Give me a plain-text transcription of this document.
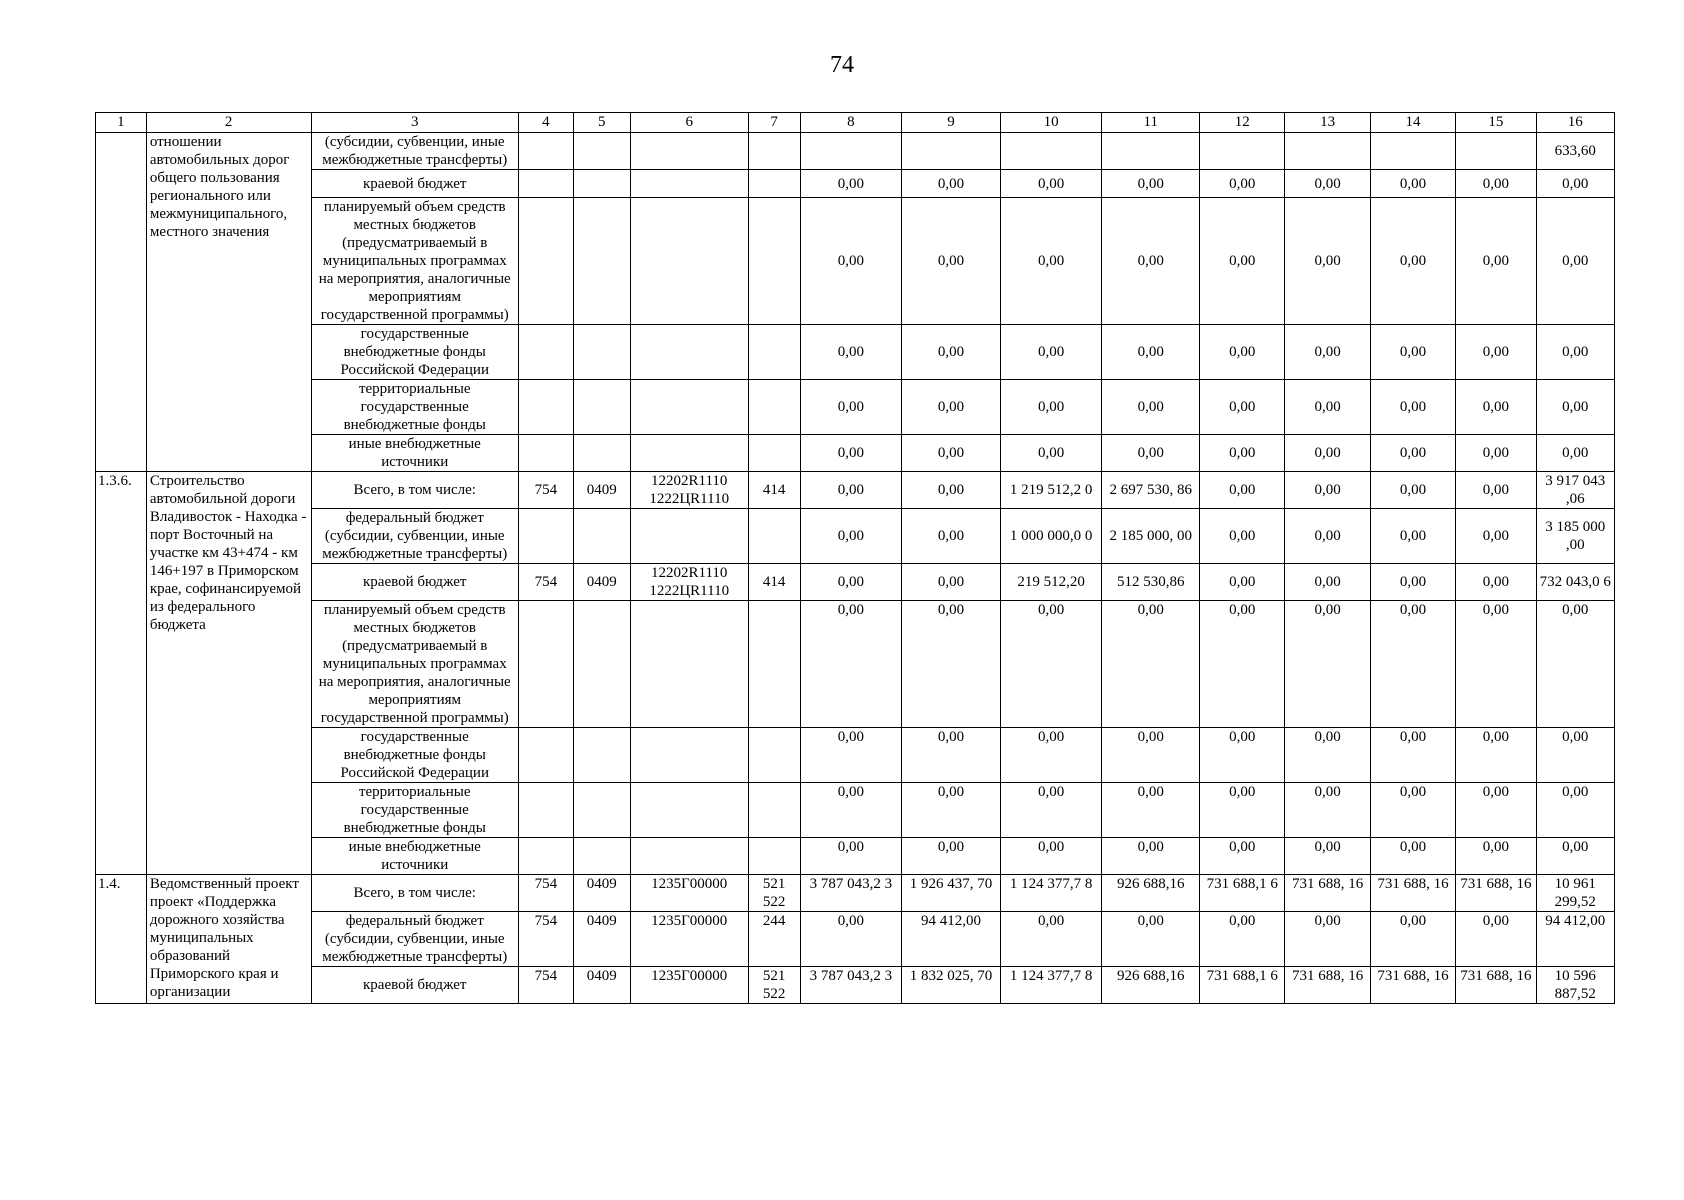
74
1	2	3	4	5	6	7	8	9	10	11	12	13	14	15	16
	отношении автомобильных дорог общего пользования регионального или межмуниципального, местного значения	(субсидии, субвенции, иные межбюджетные трансферты)													633,60
		краевой бюджет					0,00	0,00	0,00	0,00	0,00	0,00	0,00	0,00	0,00
		планируемый объем средств местных бюджетов (предусматриваемый в муниципальных программах на мероприятия, аналогичные мероприятиям государственной программы)					0,00	0,00	0,00	0,00	0,00	0,00	0,00	0,00	0,00
		государственные внебюджетные фонды Российской Федерации					0,00	0,00	0,00	0,00	0,00	0,00	0,00	0,00	0,00
		территориальные государственные внебюджетные фонды					0,00	0,00	0,00	0,00	0,00	0,00	0,00	0,00	0,00
		иные внебюджетные источники					0,00	0,00	0,00	0,00	0,00	0,00	0,00	0,00	0,00
1.3.6.	Строительство автомобильной дороги Владивосток - Находка - порт Восточный на участке км 43+474 - км 146+197 в Приморском крае, софинансируемой из федерального бюджета	Всего, в том числе:	754	0409	12202R1110 1222ЦR1110	414	0,00	0,00	1 219 512,2 0	2 697 530, 86	0,00	0,00	0,00	0,00	3 917 043 ,06
		федеральный бюджет (субсидии, субвенции, иные межбюджетные трансферты)					0,00	0,00	1 000 000,0 0	2 185 000, 00	0,00	0,00	0,00	0,00	3 185 000 ,00
		краевой бюджет	754	0409	12202R1110 1222ЦR1110	414	0,00	0,00	219 512,20	512 530,86	0,00	0,00	0,00	0,00	732 043,0 6
		планируемый объем средств местных бюджетов (предусматриваемый в муниципальных программах на мероприятия, аналогичные мероприятиям государственной программы)					0,00	0,00	0,00	0,00	0,00	0,00	0,00	0,00	0,00
		государственные внебюджетные фонды Российской Федерации					0,00	0,00	0,00	0,00	0,00	0,00	0,00	0,00	0,00
		территориальные государственные внебюджетные фонды					0,00	0,00	0,00	0,00	0,00	0,00	0,00	0,00	0,00
		иные внебюджетные источники					0,00	0,00	0,00	0,00	0,00	0,00	0,00	0,00	0,00
1.4.	Ведомственный проект проект «Поддержка дорожного хозяйства муниципальных образований Приморского края и организации	Всего, в том числе:	754	0409	1235Г00000	521 522	3 787 043,2 3	1 926 437, 70	1 124 377,7 8	926 688,16	731 688,1 6	731 688, 16	731 688, 16	731 688, 16	10 961 299,52
		федеральный бюджет (субсидии, субвенции, иные межбюджетные трансферты)	754	0409	1235Г00000	244	0,00	94 412,00	0,00	0,00	0,00	0,00	0,00	0,00	94 412,00
		краевой бюджет	754	0409	1235Г00000	521 522	3 787 043,2 3	1 832 025, 70	1 124 377,7 8	926 688,16	731 688,1 6	731 688, 16	731 688, 16	731 688, 16	10 596 887,52
